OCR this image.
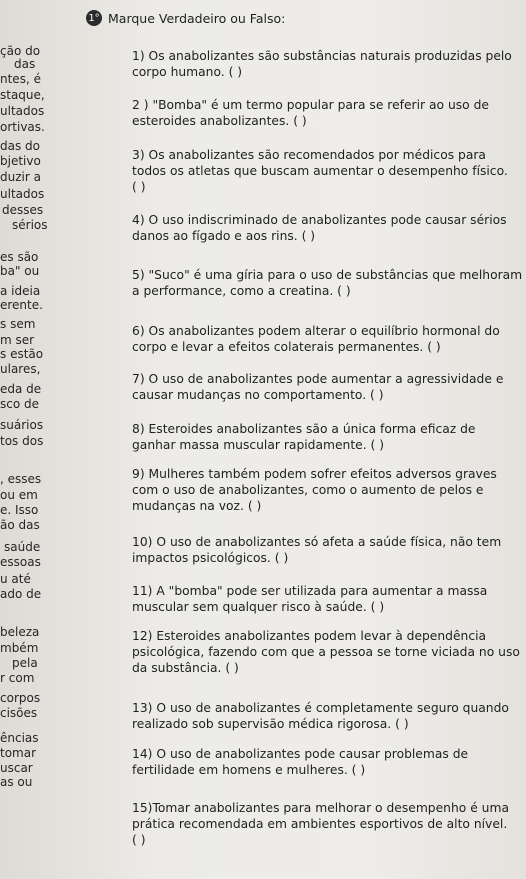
1° Marque Verdadeiro ou Falso:
ção do
das
ntes, é
staque,
ultados
ortivas.
das do
bjetivo
duzir a
ultados
desses
sérios
es são
ba" ou
a ideia
erente.
s sem
m ser
s estão
ulares,
eda de
sco de
suários
tos dos
, esses
ou em
e. Isso
ão das
saúde
essoas
u até
ado de
beleza
mbém
pela
r com
corpos
cisões
ências
tomar
uscar
as ou
1) Os anabolizantes são substâncias naturais produzidas pelo
corpo humano. ( )
2 ) "Bomba" é um termo popular para se referir ao uso de
esteroides anabolizantes. ( )
3) Os anabolizantes são recomendados por médicos para
todos os atletas que buscam aumentar o desempenho físico.
( )
4) O uso indiscriminado de anabolizantes pode causar sérios
danos ao fígado e aos rins. ( )
5) "Suco" é uma gíria para o uso de substâncias que melhoram
a performance, como a creatina. ( )
6) Os anabolizantes podem alterar o equilíbrio hormonal do
corpo e levar a efeitos colaterais permanentes. ( )
7) O uso de anabolizantes pode aumentar a agressividade e
causar mudanças no comportamento. ( )
8) Esteroides anabolizantes são a única forma eficaz de
ganhar massa muscular rapidamente. ( )
9) Mulheres também podem sofrer efeitos adversos graves
com o uso de anabolizantes, como o aumento de pelos e
mudanças na voz. ( )
10) O uso de anabolizantes só afeta a saúde física, não tem
impactos psicológicos. ( )
11) A "bomba" pode ser utilizada para aumentar a massa
muscular sem qualquer risco à saúde. ( )
12) Esteroides anabolizantes podem levar à dependência
psicológica, fazendo com que a pessoa se torne viciada no uso
da substância. ( )
13) O uso de anabolizantes é completamente seguro quando
realizado sob supervisão médica rigorosa. ( )
14) O uso de anabolizantes pode causar problemas de
fertilidade em homens e mulheres. ( )
15)Tomar anabolizantes para melhorar o desempenho é uma
prática recomendada em ambientes esportivos de alto nível.
( )
